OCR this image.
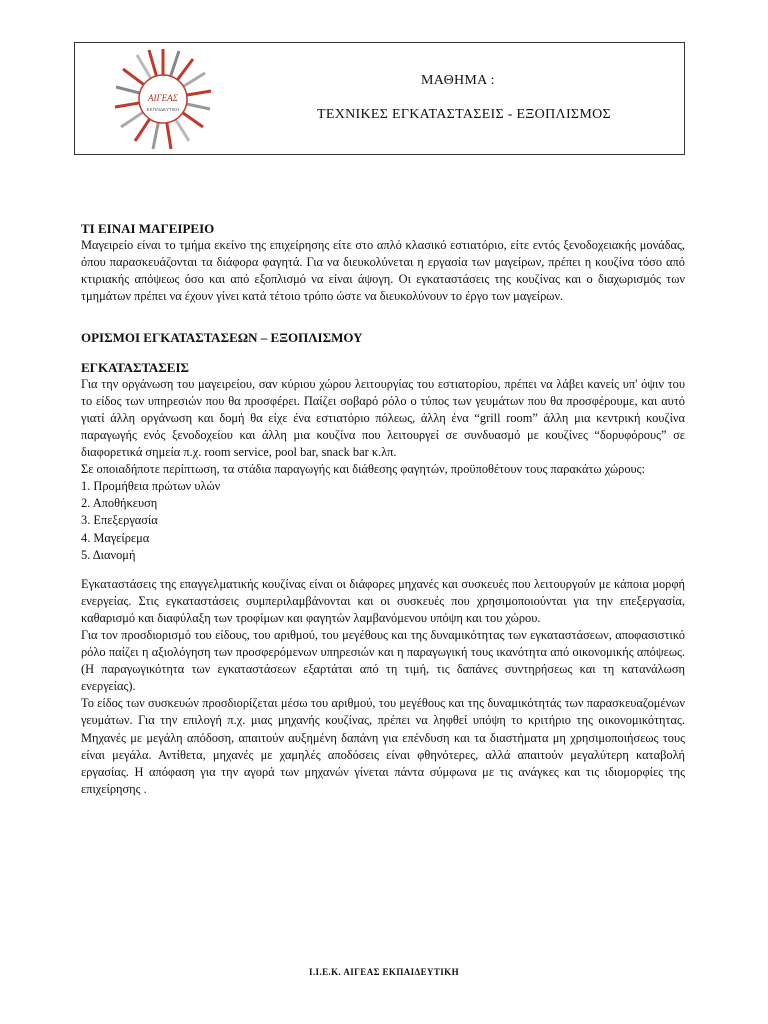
ΑΙΓΕΑΣ
ΕΚΠΑΙΔΕΥΤΙΚΗ
ΜΑΘΗΜΑ :
ΤΕΧΝΙΚΕΣ ΕΓΚΑΤΑΣΤΑΣΕΙΣ - ΕΞΟΠΛΙΣΜΟΣ
ΤΙ ΕΙΝΑΙ ΜΑΓΕΙΡΕΙΟ

Μαγειρείο είναι το τμήμα εκείνο της επιχείρησης είτε στο απλό κλασικό εστιατόριο, είτε εντός ξενοδοχειακής μονάδας, όπου παρασκευάζονται τα διάφορα φαγητά. Για να διευκολύνεται η εργασία των μαγείρων, πρέπει η κουζίνα τόσο από κτιριακής απόψεως όσο και από εξοπλισμό να είναι άψογη. Οι εγκαταστάσεις της κουζίνας και ο διαχωρισμός των τμημάτων πρέπει να έχουν γίνει κατά τέτοιο τρόπο ώστε να διευκολύνουν το έργο των μαγείρων.

ΟΡΙΣΜΟΙ ΕΓΚΑΤΑΣΤΑΣΕΩΝ – ΕΞΟΠΛΙΣΜΟΥ
ΕΓΚΑΤΑΣΤΑΣΕΙΣ

Για την οργάνωση του μαγειρείου, σαν κύριου χώρου λειτουργίας του εστιατορίου, πρέπει να λάβει κανείς υπ' όψιν του το είδος των υπηρεσιών που θα προσφέρει. Παίζει σοβαρό ρόλο ο τύπος των γευμάτων που θα προσφέρουμε, και αυτό γιατί άλλη οργάνωση και δομή θα είχε ένα εστιατόριο πόλεως, άλλη ένα “grill room” άλλη μια κεντρική κουζίνα παραγωγής ενός ξενοδοχείου και άλλη μια κουζίνα που λειτουργεί σε συνδυασμό με κουζίνες “δορυφόρους” σε διαφορετικά σημεία π.χ. room service, pool bar, snack bar κ.λπ.

Σε οποιαδήποτε περίπτωση, τα στάδια παραγωγής και διάθεσης φαγητών, προϋποθέτουν τους παρακάτω χώρους:

1. Προμήθεια πρώτων υλών
2. Αποθήκευση
3. Επεξεργασία
4. Μαγείρεμα
5. Διανομή

Εγκαταστάσεις της επαγγελματικής κουζίνας είναι οι διάφορες μηχανές και συσκευές που λειτουργούν με κάποια μορφή ενεργείας. Στις εγκαταστάσεις συμπεριλαμβάνονται και οι συσκευές που χρησιμοποιούνται για την επεξεργασία, καθαρισμό και διαφύλαξη των τροφίμων και φαγητών λαμβανόμενου υπόψη και του χώρου.

Για τον προσδιορισμό του είδους, του αριθμού, του μεγέθους και της δυναμικότητας των εγκαταστάσεων, αποφασιστικό ρόλο παίζει η αξιολόγηση των προσφερόμενων υπηρεσιών και η παραγωγική τους ικανότητα από οικονομικής απόψεως. (Η παραγωγικότητα των εγκαταστάσεων εξαρτάται από τη τιμή, τις δαπάνες συντηρήσεως και τη κατανάλωση ενεργείας).

Το είδος των συσκευών προσδιορίζεται μέσω του αριθμού, του μεγέθους και της δυναμικότητάς των παρασκευαζομένων γευμάτων. Για την επιλογή π.χ. μιας μηχανής κουζίνας, πρέπει να ληφθεί υπόψη το κριτήριο της οικονομικότητας. Μηχανές με μεγάλη απόδοση, απαιτούν αυξημένη δαπάνη για επένδυση και τα διαστήματα μη χρησιμοποιήσεως τους είναι μεγάλα. Αντίθετα, μηχανές με χαμηλές αποδόσεις είναι φθηνότερες, αλλά απαιτούν μεγαλύτερη καταβολή εργασίας. Η απόφαση για την αγορά των μηχανών γίνεται πάντα σύμφωνα με τις ανάγκες και τις ιδιομορφίες της επιχείρησης .

Ι.Ι.Ε.Κ. ΑΙΓΕΑΣ ΕΚΠΑΙΔΕΥΤΙΚΗ
